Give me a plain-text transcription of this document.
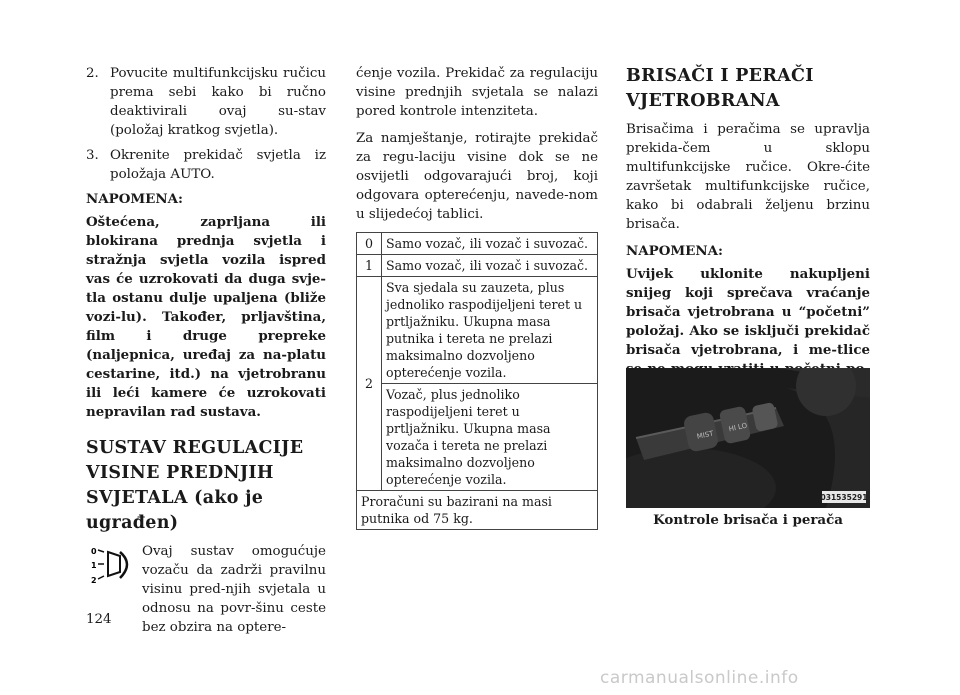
2. Povucite multifunkcijsku ručicu prema sebi kako bi ručno deaktivirali ovaj su-stav (položaj kratkog svjetla).
3. Okrenite prekidač svjetla iz položaja AUTO.
NAPOMENA:

Oštećena, zaprljana ili blokirana prednja svjetla i stražnja svjetla vozila ispred vas će uzrokovati da duga svje-tla ostanu dulje upaljena (bliže vozi-lu). Također, prljavština, film i druge prepreke (naljepnica, uređaj za na-platu cestarine, itd.) na vjetrobranu ili leći kamere će uzrokovati nepravilan rad sustava.

SUSTAV REGULACIJE VISINE PREDNJIH SVJETALA (ako je ugrađen)
0
1
2

Ovaj sustav omogućuje vozaču da zadrži pravilnu visinu pred-njih svjetala u odnosu na povr-šinu ceste bez obzira na optere-

ćenje vozila. Prekidač za regulaciju visine prednjih svjetala se nalazi pored kontrole intenziteta.

Za namještanje, rotirajte prekidač za regu-laciju visine dok se ne osvijetli odgovarajući broj, koji odgovara opterećenju, navede-nom u slijedećoj tablici.

0	Samo vozač, ili vozač i suvozač.
1	Samo vozač, ili vozač i suvozač.
2	Sva sjedala su zauzeta, plus jednoliko raspodijeljeni teret u prtljažniku. Ukupna masa putnika i tereta ne prelazi maksimalno dozvoljeno opterećenje vozila.
	Vozač, plus jednoliko raspodijeljeni teret u prtljažniku. Ukupna masa vozača i tereta ne prelazi maksimalno dozvoljeno opterećenje vozila.
Proračuni su bazirani na masi putnika od 75 kg.	
BRISAČI I PERAČI VJETROBRANA

Brisačima i peračima se upravlja prekida-čem u sklopu multifunkcijske ručice. Okre-ćite završetak multifunkcijske ručice, kako bi odabrali željenu brzinu brisača.

NAPOMENA:

Uvijek uklonite nakupljeni snijeg koji sprečava vraćanje brisača vjetrobrana u “početni” položaj. Ako se isključi prekidač brisača vjetrobrana, i me-tlice

MIST
HI LO
031535291
Kontrole brisača i perača
124
carmanualsonline.info
